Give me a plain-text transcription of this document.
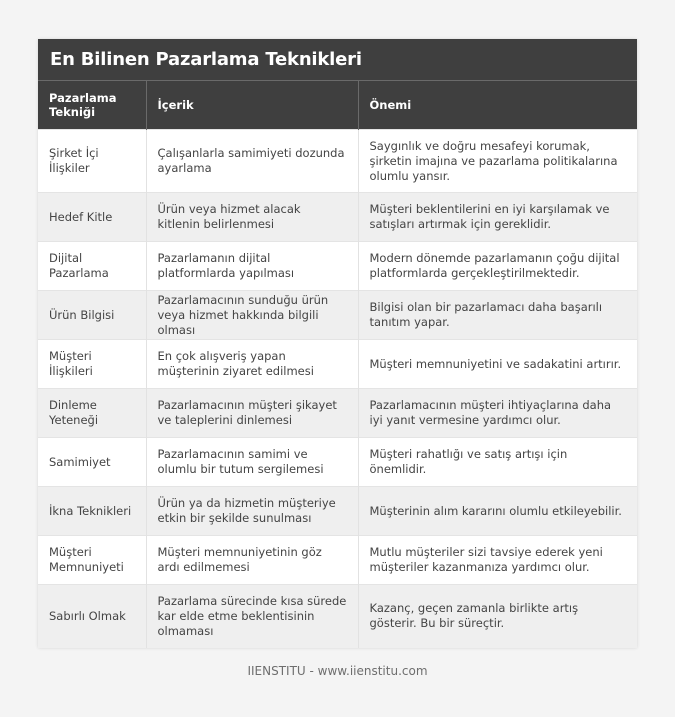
En Bilinen Pazarlama Teknikleri
Pazarlama Tekniği	İçerik	Önemi
Şirket İçi İlişkiler	Çalışanlarla samimiyeti dozunda ayarlama	Saygınlık ve doğru mesafeyi korumak, şirketin imajına ve pazarlama politikalarına olumlu yansır.
Hedef Kitle	Ürün veya hizmet alacak kitlenin belirlenmesi	Müşteri beklentilerini en iyi karşılamak ve satışları artırmak için gereklidir.
Dijital Pazarlama	Pazarlamanın dijital platformlarda yapılması	Modern dönemde pazarlamanın çoğu dijital platformlarda gerçekleştirilmektedir.
Ürün Bilgisi	Pazarlamacının sunduğu ürün veya hizmet hakkında bilgili olması	Bilgisi olan bir pazarlamacı daha başarılı tanıtım yapar.
Müşteri İlişkileri	En çok alışveriş yapan müşterinin ziyaret edilmesi	Müşteri memnuniyetini ve sadakatini artırır.
Dinleme Yeteneği	Pazarlamacının müşteri şikayet ve taleplerini dinlemesi	Pazarlamacının müşteri ihtiyaçlarına daha iyi yanıt vermesine yardımcı olur.
Samimiyet	Pazarlamacının samimi ve olumlu bir tutum sergilemesi	Müşteri rahatlığı ve satış artışı için önemlidir.
İkna Teknikleri	Ürün ya da hizmetin müşteriye etkin bir şekilde sunulması	Müşterinin alım kararını olumlu etkileyebilir.
Müşteri Memnuniyeti	Müşteri memnuniyetinin göz ardı edilmemesi	Mutlu müşteriler sizi tavsiye ederek yeni müşteriler kazanmanıza yardımcı olur.
Sabırlı Olmak	Pazarlama sürecinde kısa sürede kar elde etme beklentisinin olmaması	Kazanç, geçen zamanla birlikte artış gösterir. Bu bir süreçtir.
IIENSTITU - www.iienstitu.com
